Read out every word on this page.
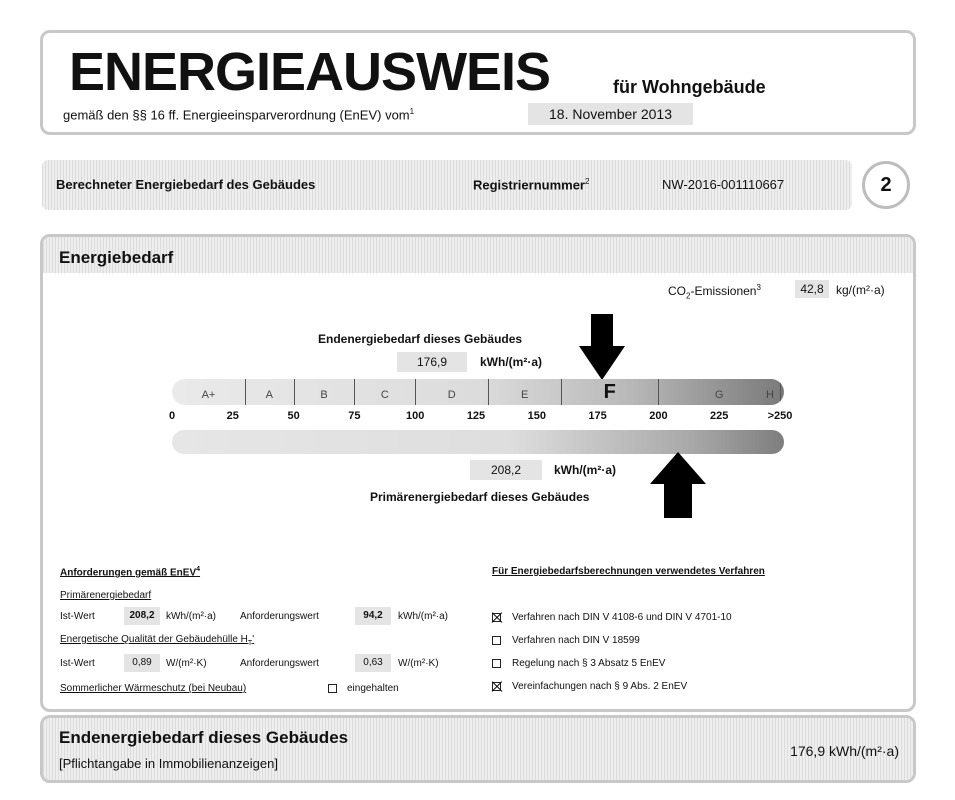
ENERGIEAUSWEIS	für Wohngebäude
gemäß den §§ 16 ff. Energieeinsparverordnung (EnEV) vom$^1$	18. November 2013
Berechneter Energiebedarf des Gebäudes	Registriernummer$^2$	NW-2016-001110667	2
Energiebedarf
$CO_2-Emissionen^3$	42,8	kg/(m²·a)
Endenergiebedarf dieses Gebäudes
176,9	kWh/(m²·a)
A+	A	B	C	D	E	F	G	H
208,2	kWh/(m²·a)
Primärenergiebedarf dieses Gebäudes
0	25	50	75	100	125	150	175	200	225	>250
Anforderungen gemäß EnEV$^4$
Primärenergiebedarf
Ist-Wert	208,2	kWh/(m²·a) Anforderungswert	94,2	kWh/(m²·a)
Energetische Qualität der Gebäudehülle $H_T'$
Ist-Wert	0,89	W/(m²·K)	Anforderungswert	0,63	W/(m²·K)
Sommerlicher Wärmeschutz (bei Neubau)	eingehalten
Für Energiebedarfsberechnungen verwendetes Verfahren
Verfahren nach DIN V 4108-6 und DIN V 4701-10
Verfahren nach DIN V 18599
Regelung nach § 3 Absatz 5 EnEV
Vereinfachungen nach § 9 Abs. 2 EnEV
Endenergiebedarf dieses Gebäudes
[Pflichtangabe in Immobilienanzeigen]
176,9 kWh/(m²·a)
